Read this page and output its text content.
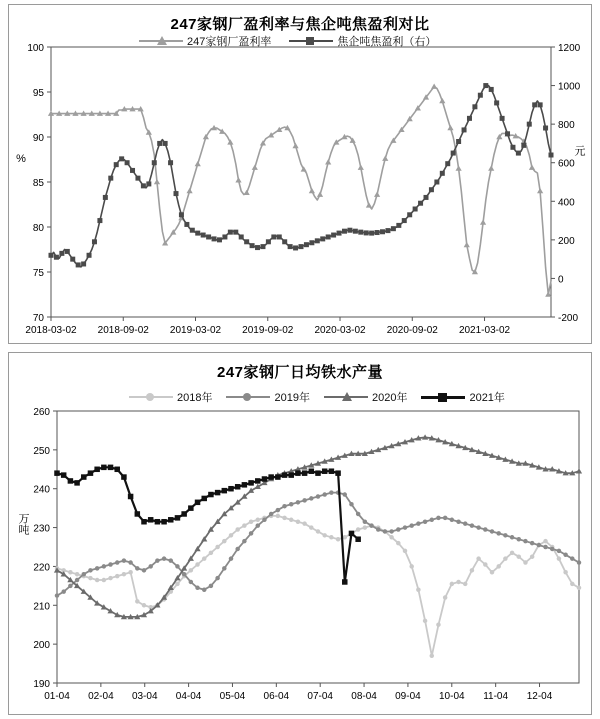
247家钢厂盈利率与焦企吨焦盈利对比
247家钢厂盈利率	焦企吨焦盈利（右）
%
元
70
75
80
85
90
95
100
-200
0
200
400
600
800
1000
1200
2018-03-02 2018-09-02 2019-03-02 2019-09-02 2020-03-02 2020-09-02 2021-03-02
247家钢厂日均铁水产量
2018年	2019年	2020年	2021年
万吨
190
200
210
220
230
240
250
260
01-04 02-04 03-04 04-04 05-04 06-04 07-04 08-04 09-04 10-04 11-04 12-04
